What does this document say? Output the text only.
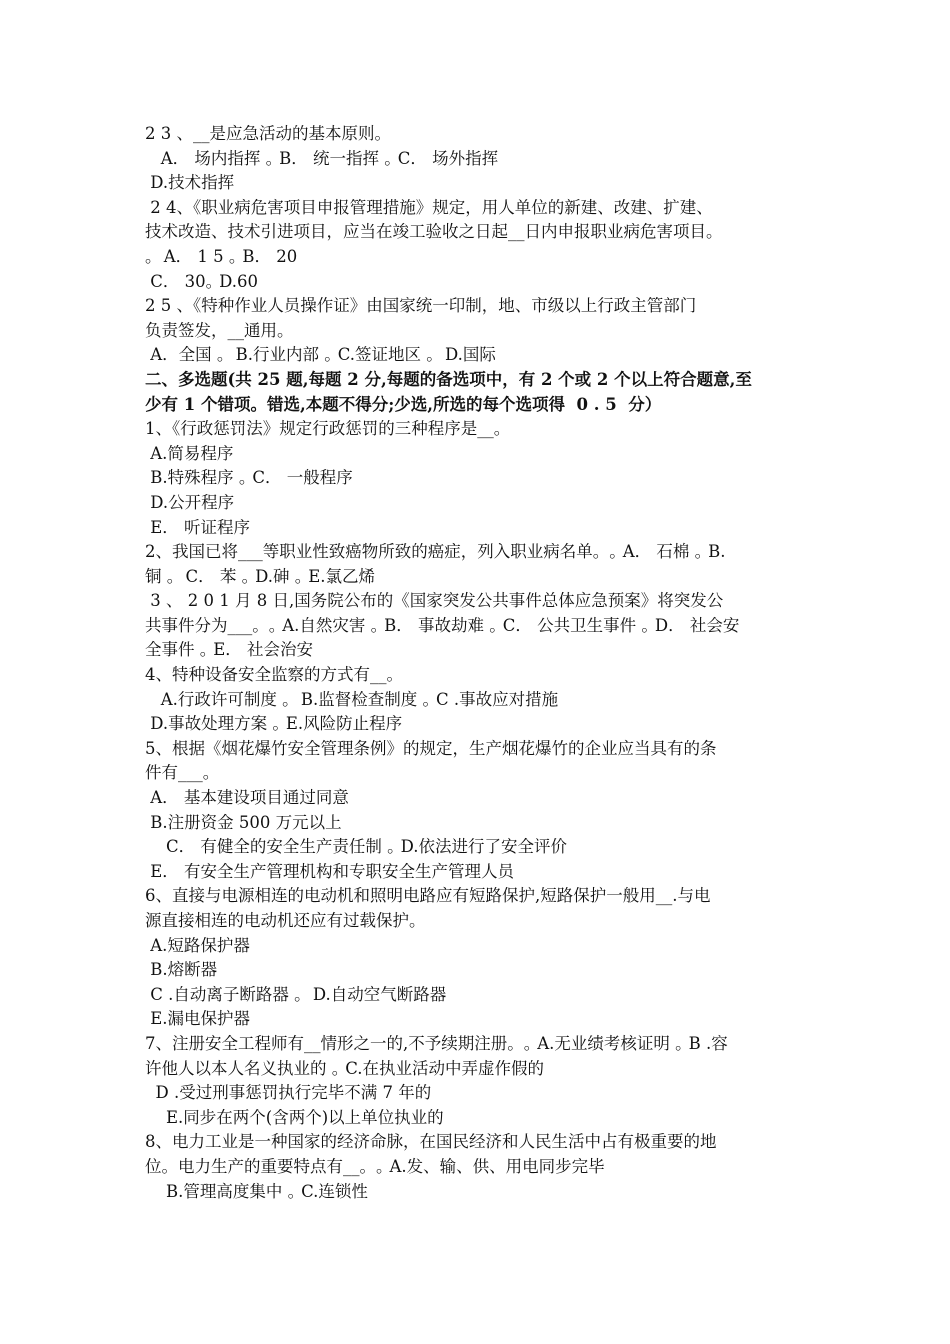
2 3 、__是应急活动的基本原则。
A． 场内指挥 ｡ B． 统一指挥 ｡ C． 场外指挥
D.技术指挥
2 4、《职业病危害项目申报管理措施》规定，用人单位的新建、改建、扩建、
技术改造、技术引进项目，应当在竣工验收之日起__日内申报职业病危害项目。
｡  A． 1 5 ｡ B． 20
C． 30｡ D.60
2 5 、《特种作业人员操作证》由国家统一印制，地、市级以上行政主管部门
负责签发，__通用。
A．全国 ｡  B.行业内部 ｡ C.签证地区 ｡  D.国际
二、多选题(共 25 题,每题 2 分,每题的备选项中，有 2 个或 2 个以上符合题意,至
少有 1 个错项。错选,本题不得分;少选,所选的每个选项得  0 . 5  分）
1、《行政惩罚法》规定行政惩罚的三种程序是__。
A.简易程序
B.特殊程序 ｡ C． 一般程序
D.公开程序
E． 听证程序
2、我国已将___等职业性致癌物所致的癌症，列入职业病名单。｡ A． 石棉 ｡ B.
铜 ｡  C． 苯 ｡ D.砷 ｡ E.氯乙烯
3 、 2 0 1 月 8 日,国务院公布的《国家突发公共事件总体应急预案》将突发公
共事件分为___。｡ A.自然灾害 ｡ B． 事故劫难 ｡ C． 公共卫生事件 ｡ D． 社会安
全事件 ｡ E． 社会治安
4、特种设备安全监察的方式有__。
A.行政许可制度 ｡  B.监督检查制度 ｡ C .事故应对措施
D.事故处理方案 ｡ E.风险防止程序
5、根据《烟花爆竹安全管理条例》的规定，生产烟花爆竹的企业应当具有的条
件有___。
A． 基本建设项目通过同意
B.注册资金 500 万元以上
C． 有健全的安全生产责任制 ｡ D.依法进行了安全评价
E． 有安全生产管理机构和专职安全生产管理人员
6、直接与电源相连的电动机和照明电路应有短路保护,短路保护一般用__.与电
源直接相连的电动机还应有过载保护。
A.短路保护器
B.熔断器
C .自动离子断路器 ｡  D.自动空气断路器
E.漏电保护器
7、注册安全工程师有__情形之一的,不予续期注册。｡ A.无业绩考核证明 ｡ B .容
许他人以本人名义执业的 ｡ C.在执业活动中弄虚作假的
D .受过刑事惩罚执行完毕不满 7 年的
E.同步在两个(含两个)以上单位执业的
8、电力工业是一种国家的经济命脉，在国民经济和人民生活中占有极重要的地
位。电力生产的重要特点有__。｡ A.发、输、供、用电同步完毕
B.管理高度集中 ｡ C.连锁性
